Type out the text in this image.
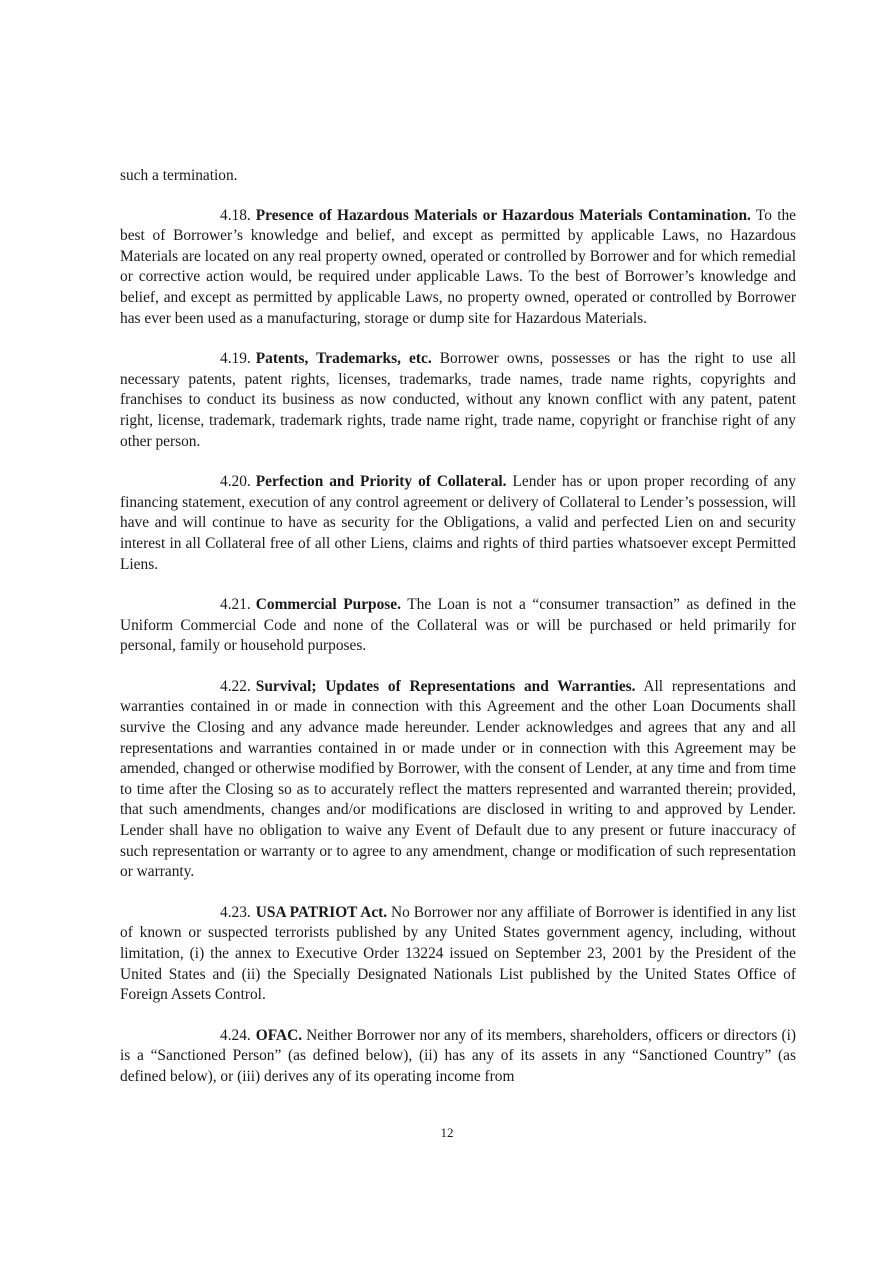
such a termination.

4.18. Presence of Hazardous Materials or Hazardous Materials Contamination. To the best of Borrower’s knowledge and belief, and except as permitted by applicable Laws, no Hazardous Materials are located on any real property owned, operated or controlled by Borrower and for which remedial or corrective action would, be required under applicable Laws. To the best of Borrower’s knowledge and belief, and except as permitted by applicable Laws, no property owned, operated or controlled by Borrower has ever been used as a manufacturing, storage or dump site for Hazardous Materials.

4.19. Patents, Trademarks, etc. Borrower owns, possesses or has the right to use all necessary patents, patent rights, licenses, trademarks, trade names, trade name rights, copyrights and franchises to conduct its business as now conducted, without any known conflict with any patent, patent right, license, trademark, trademark rights, trade name right, trade name, copyright or franchise right of any other person.

4.20. Perfection and Priority of Collateral. Lender has or upon proper recording of any financing statement, execution of any control agreement or delivery of Collateral to Lender’s possession, will have and will continue to have as security for the Obligations, a valid and perfected Lien on and security interest in all Collateral free of all other Liens, claims and rights of third parties whatsoever except Permitted Liens.

4.21. Commercial Purpose. The Loan is not a “consumer transaction” as defined in the Uniform Commercial Code and none of the Collateral was or will be purchased or held primarily for personal, family or household purposes.

4.22. Survival; Updates of Representations and Warranties. All representations and warranties contained in or made in connection with this Agreement and the other Loan Documents shall survive the Closing and any advance made hereunder. Lender acknowledges and agrees that any and all representations and warranties contained in or made under or in connection with this Agreement may be amended, changed or otherwise modified by Borrower, with the consent of Lender, at any time and from time to time after the Closing so as to accurately reflect the matters represented and warranted therein; provided, that such amendments, changes and/or modifications are disclosed in writing to and approved by Lender. Lender shall have no obligation to waive any Event of Default due to any present or future inaccuracy of such representation or warranty or to agree to any amendment, change or modification of such representation or warranty.

4.23. USA PATRIOT Act. No Borrower nor any affiliate of Borrower is identified in any list of known or suspected terrorists published by any United States government agency, including, without limitation, (i) the annex to Executive Order 13224 issued on September 23, 2001 by the President of the United States and (ii) the Specially Designated Nationals List published by the United States Office of Foreign Assets Control.

4.24. OFAC. Neither Borrower nor any of its members, shareholders, officers or directors (i) is a “Sanctioned Person” (as defined below), (ii) has any of its assets in any “Sanctioned Country” (as defined below), or (iii) derives any of its operating income from

12
